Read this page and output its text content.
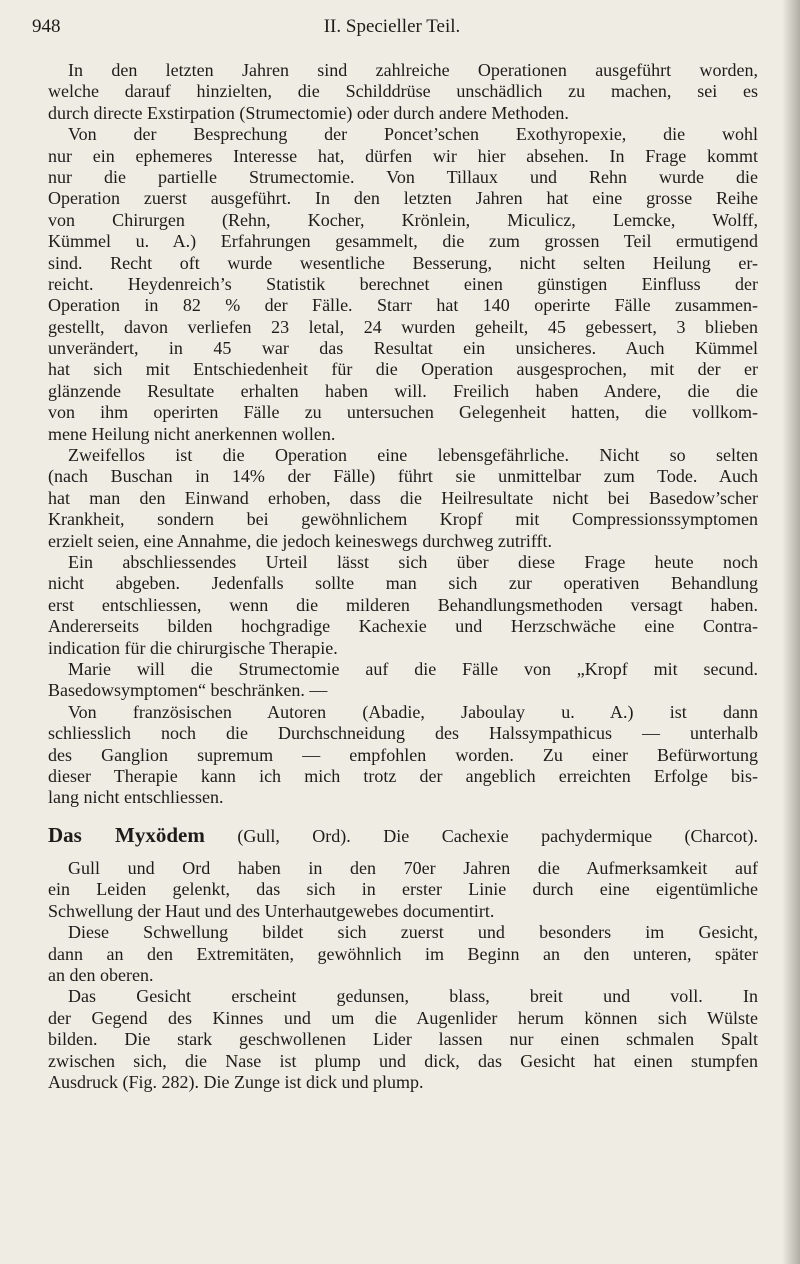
948	II. Specieller Teil.
In den letzten Jahren sind zahlreiche Operationen ausgeführt worden,
welche darauf hinzielten, die Schilddrüse unschädlich zu machen, sei es
durch directe Exstirpation (Strumectomie) oder durch andere Methoden.
Von der Besprechung der Poncet’schen Exothyropexie, die wohl
nur ein ephemeres Interesse hat, dürfen wir hier absehen. In Frage kommt
nur die partielle Strumectomie. Von Tillaux und Rehn wurde die
Operation zuerst ausgeführt. In den letzten Jahren hat eine grosse Reihe
von Chirurgen (Rehn, Kocher, Krönlein, Miculicz, Lemcke, Wolff,
Kümmel u. A.) Erfahrungen gesammelt, die zum grossen Teil ermutigend
sind. Recht oft wurde wesentliche Besserung, nicht selten Heilung er-
reicht. Heydenreich’s Statistik berechnet einen günstigen Einfluss der
Operation in 82 % der Fälle. Starr hat 140 operirte Fälle zusammen-
gestellt, davon verliefen 23 letal, 24 wurden geheilt, 45 gebessert, 3 blieben
unverändert, in 45 war das Resultat ein unsicheres. Auch Kümmel
hat sich mit Entschiedenheit für die Operation ausgesprochen, mit der er
glänzende Resultate erhalten haben will. Freilich haben Andere, die die
von ihm operirten Fälle zu untersuchen Gelegenheit hatten, die vollkom-
mene Heilung nicht anerkennen wollen.
Zweifellos ist die Operation eine lebensgefährliche. Nicht so selten
(nach Buschan in 14% der Fälle) führt sie unmittelbar zum Tode. Auch
hat man den Einwand erhoben, dass die Heilresultate nicht bei Basedow’scher
Krankheit, sondern bei gewöhnlichem Kropf mit Compressionssymptomen
erzielt seien, eine Annahme, die jedoch keineswegs durchweg zutrifft.
Ein abschliessendes Urteil lässt sich über diese Frage heute noch
nicht abgeben. Jedenfalls sollte man sich zur operativen Behandlung
erst entschliessen, wenn die milderen Behandlungsmethoden versagt haben.
Andererseits bilden hochgradige Kachexie und Herzschwäche eine Contra-
indication für die chirurgische Therapie.
Marie will die Strumectomie auf die Fälle von „Kropf mit secund.
Basedowsymptomen“ beschränken. —
Von französischen Autoren (Abadie, Jaboulay u. A.) ist dann
schliesslich noch die Durchschneidung des Halssympathicus — unterhalb
des Ganglion supremum — empfohlen worden. Zu einer Befürwortung
dieser Therapie kann ich mich trotz der angeblich erreichten Erfolge bis-
lang nicht entschliessen.
Das Myxödem (Gull, Ord). Die Cachexie pachydermique (Charcot).
Gull und Ord haben in den 70er Jahren die Aufmerksamkeit auf
ein Leiden gelenkt, das sich in erster Linie durch eine eigentümliche
Schwellung der Haut und des Unterhautgewebes documentirt.
Diese Schwellung bildet sich zuerst und besonders im Gesicht,
dann an den Extremitäten, gewöhnlich im Beginn an den unteren, später
an den oberen.
Das Gesicht erscheint gedunsen, blass, breit und voll. In
der Gegend des Kinnes und um die Augenlider herum können sich Wülste
bilden. Die stark geschwollenen Lider lassen nur einen schmalen Spalt
zwischen sich, die Nase ist plump und dick, das Gesicht hat einen stumpfen
Ausdruck (Fig. 282). Die Zunge ist dick und plump.
